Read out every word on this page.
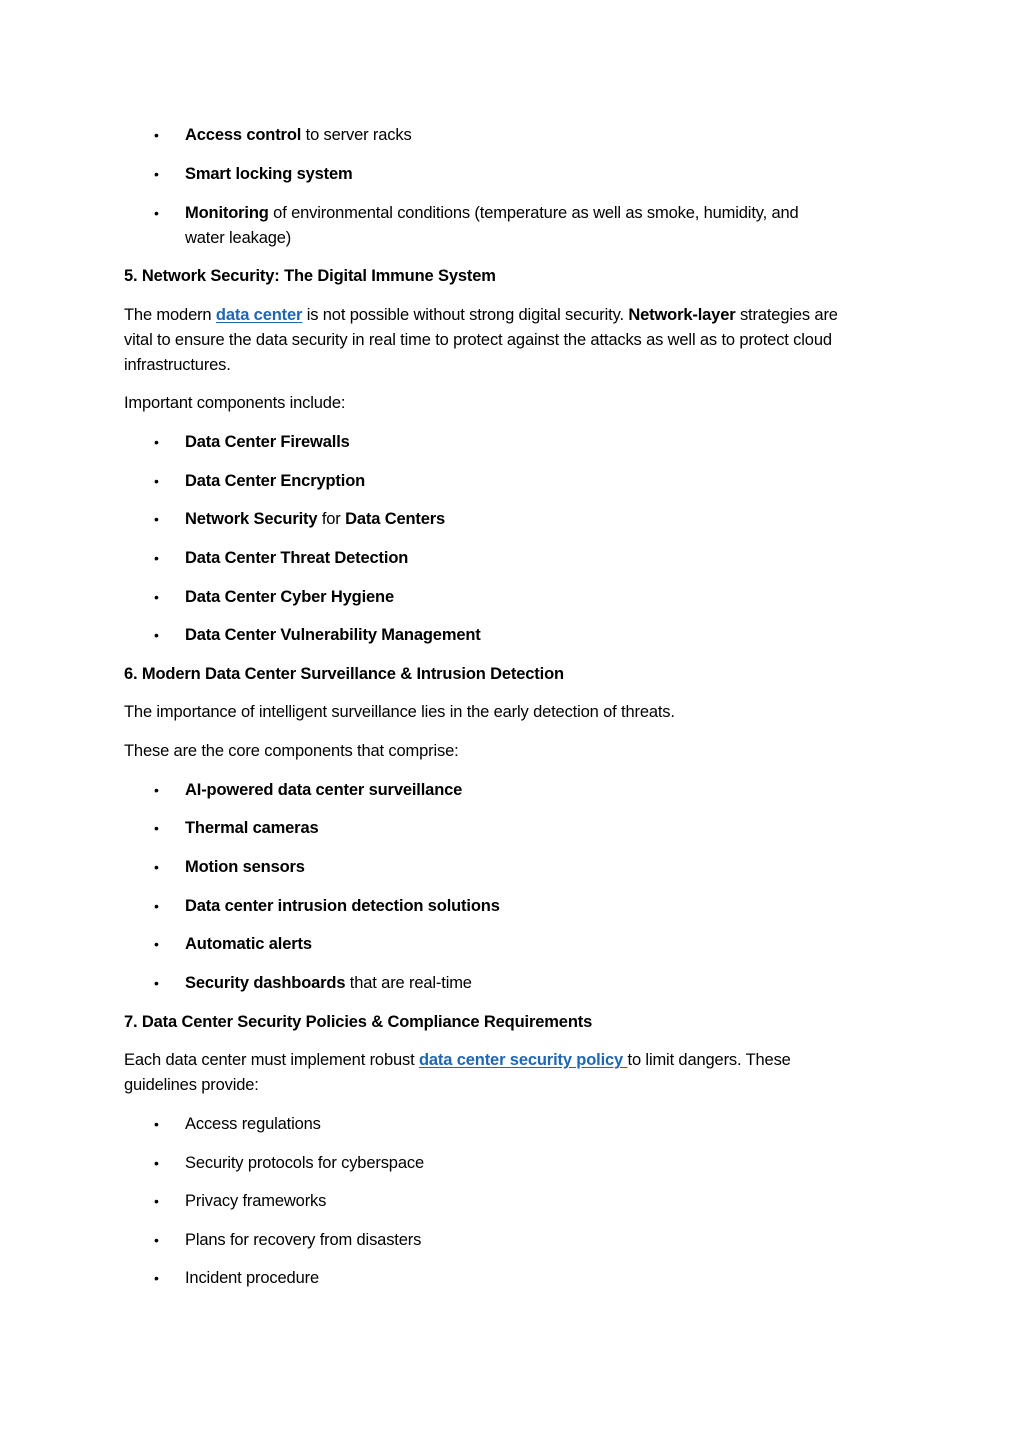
•	Access control to server racks
•	Smart locking system
•	Monitoring of environmental conditions (temperature as well as smoke, humidity, and
water leakage)
5. Network Security: The Digital Immune System
The modern data center is not possible without strong digital security. Network-layer strategies are
vital to ensure the data security in real time to protect against the attacks as well as to protect cloud
infrastructures.
Important components include:
•	Data Center Firewalls
•	Data Center Encryption
•	Network Security for Data Centers
•	Data Center Threat Detection
•	Data Center Cyber Hygiene
•	Data Center Vulnerability Management
6. Modern Data Center Surveillance & Intrusion Detection
The importance of intelligent surveillance lies in the early detection of threats.
These are the core components that comprise:
•	AI-powered data center surveillance
•	Thermal cameras
•	Motion sensors
•	Data center intrusion detection solutions
•	Automatic alerts
•	Security dashboards that are real-time
7. Data Center Security Policies & Compliance Requirements
Each data center must implement robust data center security policy to limit dangers. These
guidelines provide:
•	Access regulations
•	Security protocols for cyberspace
•	Privacy frameworks
•	Plans for recovery from disasters
•	Incident procedure
